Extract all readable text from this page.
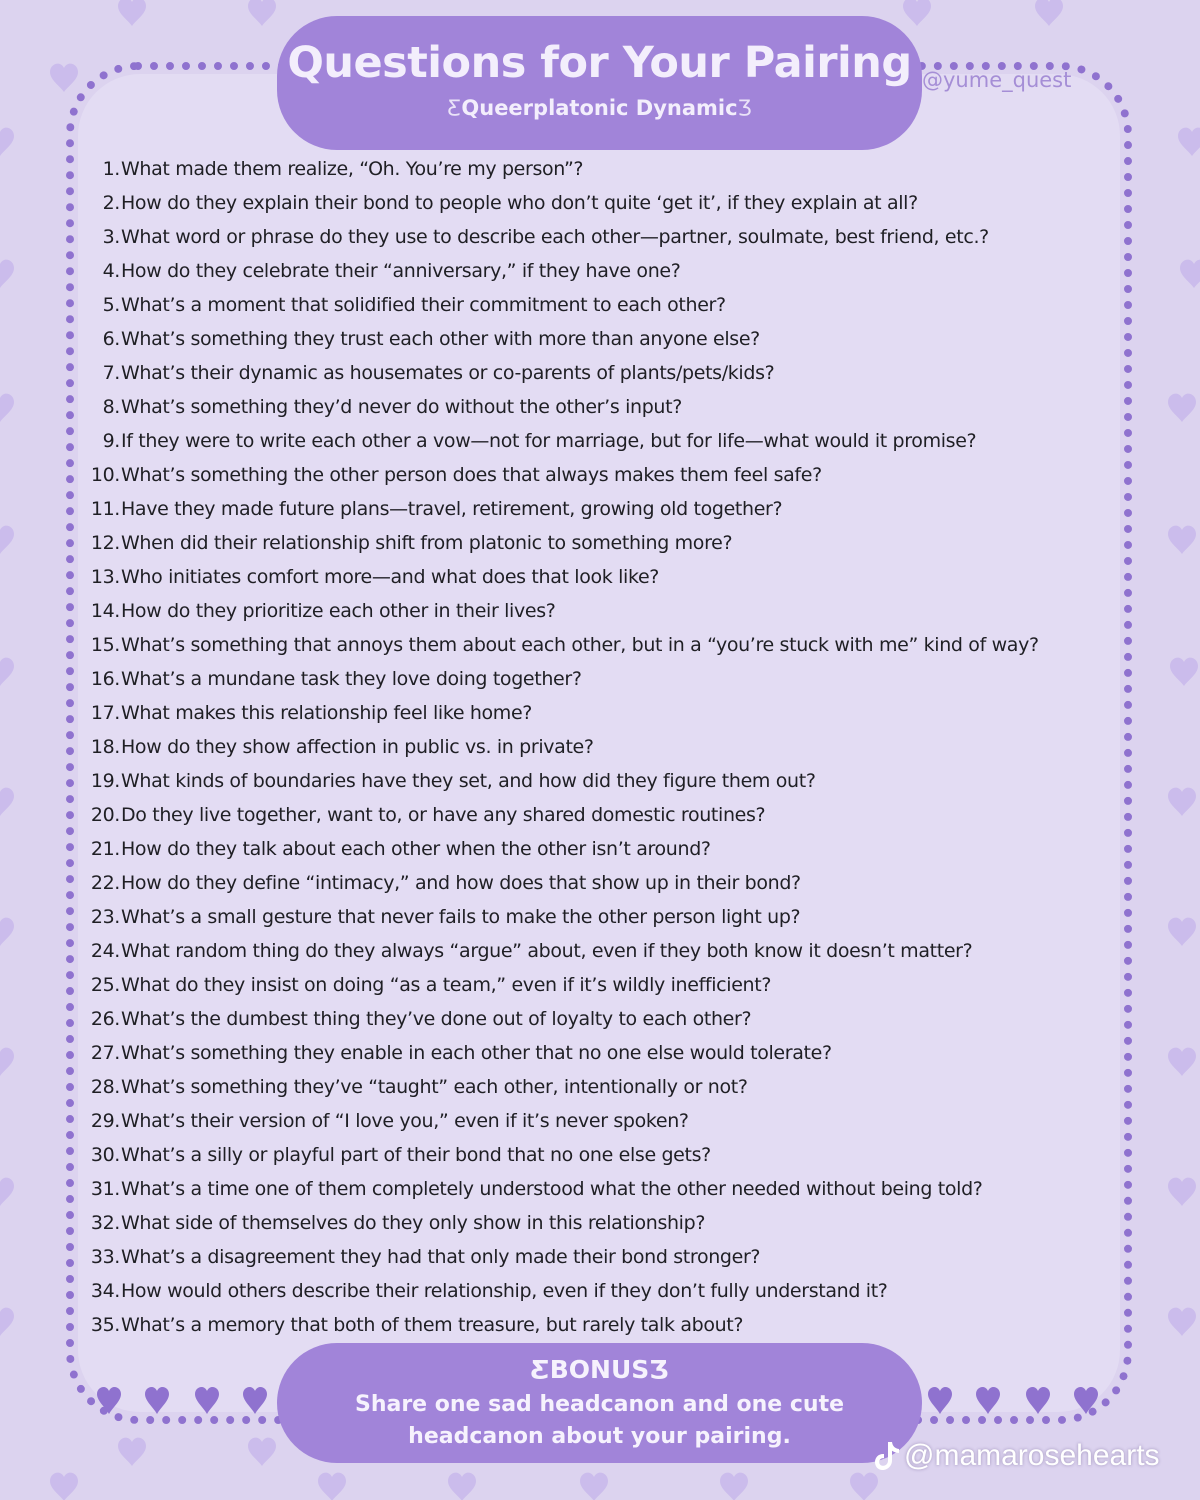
Questions for Your Pairing
ƸQueerplatonic DynamicƷ
@yume_quest
1. What made them realize, “Oh. You’re my person”?
2. How do they explain their bond to people who don’t quite ‘get it’, if they explain at all?
3. What word or phrase do they use to describe each other—partner, soulmate, best friend, etc.?
4. How do they celebrate their “anniversary,” if they have one?
5. What’s a moment that solidified their commitment to each other?
6. What’s something they trust each other with more than anyone else?
7. What’s their dynamic as housemates or co-parents of plants/pets/kids?
8. What’s something they’d never do without the other’s input?
9. If they were to write each other a vow—not for marriage, but for life—what would it promise?
10. What’s something the other person does that always makes them feel safe?
11. Have they made future plans—travel, retirement, growing old together?
12. When did their relationship shift from platonic to something more?
13. Who initiates comfort more—and what does that look like?
14. How do they prioritize each other in their lives?
15. What’s something that annoys them about each other, but in a “you’re stuck with me” kind of way?
16. What’s a mundane task they love doing together?
17. What makes this relationship feel like home?
18. How do they show affection in public vs. in private?
19. What kinds of boundaries have they set, and how did they figure them out?
20. Do they live together, want to, or have any shared domestic routines?
21. How do they talk about each other when the other isn’t around?
22. How do they define “intimacy,” and how does that show up in their bond?
23. What’s a small gesture that never fails to make the other person light up?
24. What random thing do they always “argue” about, even if they both know it doesn’t matter?
25. What do they insist on doing “as a team,” even if it’s wildly inefficient?
26. What’s the dumbest thing they’ve done out of loyalty to each other?
27. What’s something they enable in each other that no one else would tolerate?
28. What’s something they’ve “taught” each other, intentionally or not?
29. What’s their version of “I love you,” even if it’s never spoken?
30. What’s a silly or playful part of their bond that no one else gets?
31. What’s a time one of them completely understood what the other needed without being told?
32. What side of themselves do they only show in this relationship?
33. What’s a disagreement they had that only made their bond stronger?
34. How would others describe their relationship, even if they don’t fully understand it?
35. What’s a memory that both of them treasure, but rarely talk about?
ƸBONUSƷ
Share one sad headcanon and one cute
headcanon about your pairing.
@mamarosehearts
